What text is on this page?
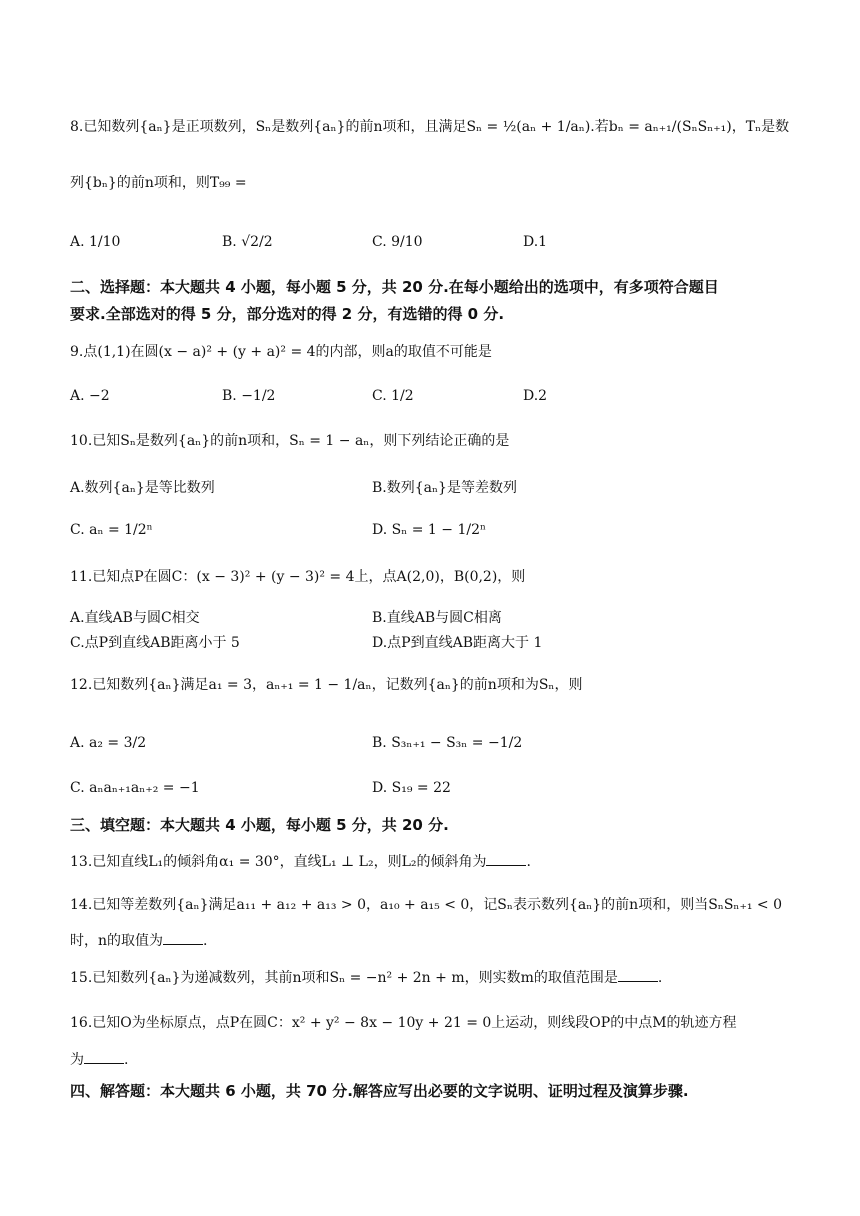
8.已知数列{aₙ}是正项数列，Sₙ是数列{aₙ}的前n项和，且满足Sₙ = ½(aₙ + 1/aₙ).若bₙ = aₙ₊₁/(SₙSₙ₊₁)，Tₙ是数
列{bₙ}的前n项和，则T₉₉ =
A. 1/10	B. √2/2	C. 9/10	D.1
二、选择题：本大题共 4 小题，每小题 5 分，共 20 分.在每小题给出的选项中，有多项符合题目
要求.全部选对的得 5 分，部分选对的得 2 分，有选错的得 0 分.
9.点(1,1)在圆(x − a)² + (y + a)² = 4的内部，则a的取值不可能是
A. −2	B. −1/2	C. 1/2	D.2
10.已知Sₙ是数列{aₙ}的前n项和，Sₙ = 1 − aₙ，则下列结论正确的是
A.数列{aₙ}是等比数列	B.数列{aₙ}是等差数列
C. aₙ = 1/2ⁿ	D. Sₙ = 1 − 1/2ⁿ
11.已知点P在圆C：(x − 3)² + (y − 3)² = 4上，点A(2,0)，B(0,2)，则
A.直线AB与圆C相交	B.直线AB与圆C相离
C.点P到直线AB距离小于 5	D.点P到直线AB距离大于 1
12.已知数列{aₙ}满足a₁ = 3，aₙ₊₁ = 1 − 1/aₙ，记数列{aₙ}的前n项和为Sₙ，则
A. a₂ = 3/2	B. S₃ₙ₊₁ − S₃ₙ = −1/2
C. aₙaₙ₊₁aₙ₊₂ = −1	D. S₁₉ = 22
三、填空题：本大题共 4 小题，每小题 5 分，共 20 分.
13.已知直线L₁的倾斜角α₁ = 30°，直线L₁ ⊥ L₂，则L₂的倾斜角为	.
14.已知等差数列{aₙ}满足a₁₁ + a₁₂ + a₁₃ > 0，a₁₀ + a₁₅ < 0，记Sₙ表示数列{aₙ}的前n项和，则当SₙSₙ₊₁ < 0
时，n的取值为	.
15.已知数列{aₙ}为递减数列，其前n项和Sₙ = −n² + 2n + m，则实数m的取值范围是	.
16.已知O为坐标原点，点P在圆C：x² + y² − 8x − 10y + 21 = 0上运动，则线段OP的中点M的轨迹方程
为	.
四、解答题：本大题共 6 小题，共 70 分.解答应写出必要的文字说明、证明过程及演算步骤.
